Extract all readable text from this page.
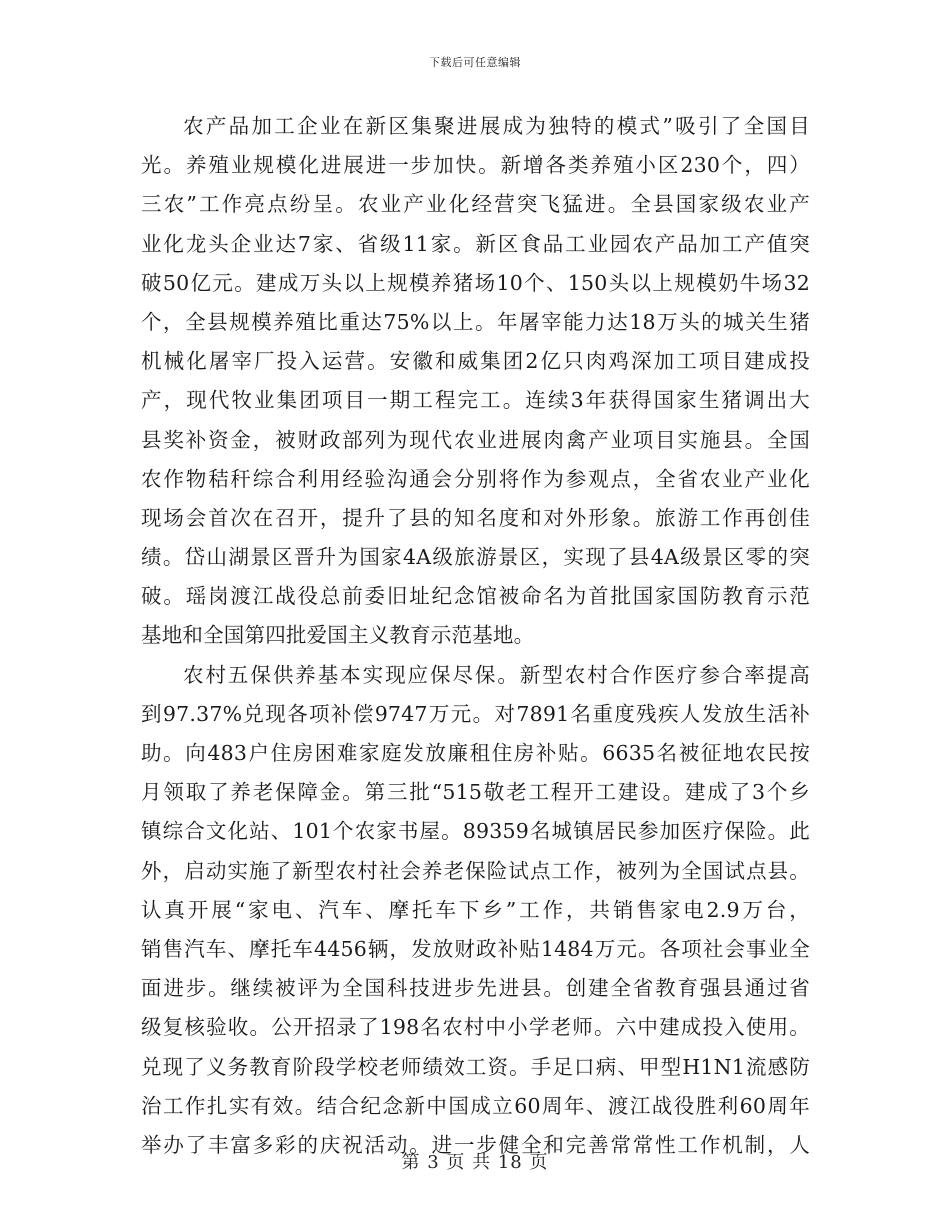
下载后可任意编辑
农产品加工企业在新区集聚进展成为独特的模式”吸引了全国目
光。养殖业规模化进展进一步加快。新增各类养殖小区230个，四）
三农”工作亮点纷呈。农业产业化经营突飞猛进。全县国家级农业产
业化龙头企业达7家、省级11家。新区食品工业园农产品加工产值突
破50亿元。建成万头以上规模养猪场10个、150头以上规模奶牛场32
个，全县规模养殖比重达75%以上。年屠宰能力达18万头的城关生猪
机械化屠宰厂投入运营。安徽和威集团2亿只肉鸡深加工项目建成投
产，现代牧业集团项目一期工程完工。连续3年获得国家生猪调出大
县奖补资金，被财政部列为现代农业进展肉禽产业项目实施县。全国
农作物秸秆综合利用经验沟通会分别将作为参观点，全省农业产业化
现场会首次在召开，提升了县的知名度和对外形象。旅游工作再创佳
绩。岱山湖景区晋升为国家4A级旅游景区，实现了县4A级景区零的突
破。瑶岗渡江战役总前委旧址纪念馆被命名为首批国家国防教育示范
基地和全国第四批爱国主义教育示范基地。
农村五保供养基本实现应保尽保。新型农村合作医疗参合率提高
到97.37%兑现各项补偿9747万元。对7891名重度残疾人发放生活补
助。向483户住房困难家庭发放廉租住房补贴。6635名被征地农民按
月领取了养老保障金。第三批“515敬老工程开工建设。建成了3个乡
镇综合文化站、101个农家书屋。89359名城镇居民参加医疗保险。此
外，启动实施了新型农村社会养老保险试点工作，被列为全国试点县。
认真开展“家电、汽车、摩托车下乡”工作，共销售家电2.9万台，
销售汽车、摩托车4456辆，发放财政补贴1484万元。各项社会事业全
面进步。继续被评为全国科技进步先进县。创建全省教育强县通过省
级复核验收。公开招录了198名农村中小学老师。六中建成投入使用。
兑现了义务教育阶段学校老师绩效工资。手足口病、甲型H1N1流感防
治工作扎实有效。结合纪念新中国成立60周年、渡江战役胜利60周年
举办了丰富多彩的庆祝活动。进一步健全和完善常常性工作机制，人
第 3 页 共 18 页
